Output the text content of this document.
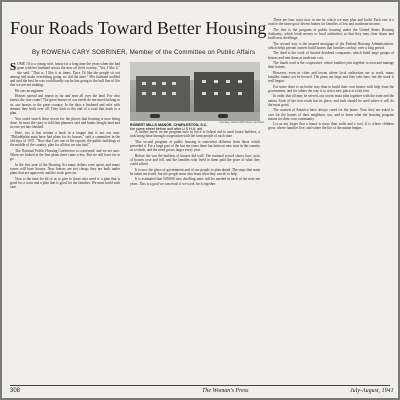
Four Roads Toward Better Housing

By ROWENA CARY SOBRINER, Member of the Committee on Public Affairs

S OME 10 to a young wife, house for a long time the years when she had gone with her husband across the new oil field country. "Yes, I like it," she said. "That is, I like it at times. Days I'd like the people sit out among and make everything going we did the time." Her husband nodded and said the best he was could hardly say he has going to the half line of life that we are not making.

He was an engineer.

Houses spread and repeat in far and near all over the land. For who knows the true count? The great houses of our needs do not much belong to us, our houses to the great country. In the days a husband and wife with dreams they built over all. They look to the end of a road that leads to a plan.

You could search these towns for the places that housing is now being done. In most the story is told that planners said and banks bought land and no one yet has finished.

Here, too, it has written a book in a tongue that is not our own. "Philadelphia must have had plans for its houses," said a committee in the old days of 1937. "Now that I see one of the reports, the public buildings of the middle of the country, plan for all that we can find."

The National Public Housing Conference is concerned, and we are sure. When we looked at the first plans there came a few. But we still have far to go.

In the first year of the Housing Act many dollars were spent, and many towns will have houses. New houses are not cheap; they are built under plans that are approved, and the work goes on.

Now is the time for all of us to give to those who need it: a plan that is good for a town and a plan that is good for the families. We must build with care.

Courtesy, Robert Mills Manor, Architect

ROBERT MILLS MANOR, CHARLESTON, S.C.
the same street before and after U.S.H.A. aid

A further move on the program now in force is federal aid to rural house builders, a task being done through cooperation with the farm people of each state.

This second program of public housing is somewhat different from those which preceded it. For a large part of the last ten years there has been no new start in the country as a whole, and the need grows larger every year.

Before the war the builders of houses did well. The national record shows how costs of houses rose and fell, and the families who lived in them paid the price of what they could afford.

It is now the place of government and of our people to plan ahead. The steps that must be taken are listed, but the people must also learn what they can do to help.

It is estimated that 500,000 new dwelling units will be needed in each of the next ten years. This is a goal we can reach if we work for it together.

There are four ways now in use by which we may plan and build. Each one is a road to the same goal: decent homes for families of low and moderate income.

The first is the program of public housing under the United States Housing Authority, which lends money to local authorities so that they may clear slums and build new dwellings.

The second way is the insured mortgage of the Federal Housing Administration, which helps private owners build homes that families can buy over a long period.

The third is the work of limited dividend companies, which build large groups of houses and rent them at moderate cost.

The fourth road is the cooperative, where families join together to own and manage their homes.

However, even in cities and towns where local authorities are at work, many families cannot yet be housed. The plans are large and they take time, but the work is well begun.

For some there is no better way than to build their own homes with help from the government, and for others the way is to rent a new place at a fair rent.

In order that all may be served, our towns must plan together with the state and the nation. Each of the four roads has its place, and each should be used where it will do the most good.

The women of America have always cared for the home. Now they are asked to care for the homes of their neighbors, too, and to learn what the housing program means for their own community.

Let us not forget that a house is more than walls and a roof. It is where children grow, where families live, and where the life of the nation begins.

308	The Woman's Press	July-August, 1941
